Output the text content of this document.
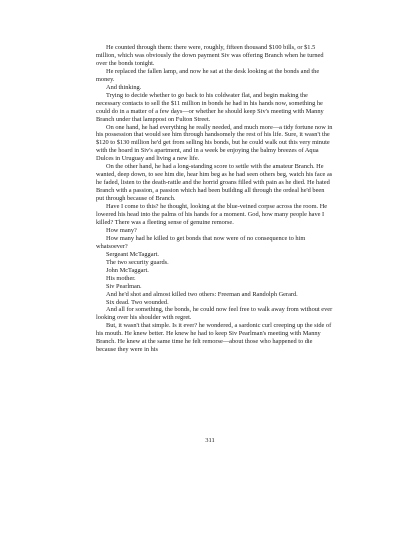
He counted through them: there were, roughly, fifteen thousand $100 bills, or $1.5 million, which was obviously the down payment Siv was offering Branch when he turned over the bonds tonight.

He replaced the fallen lamp, and now he sat at the desk looking at the bonds and the money.

And thinking.

Trying to decide whether to go back to his coldwater flat, and begin making the necessary contacts to sell the $11 million in bonds he had in his hands now, something he could do in a matter of a few days—or whether he should keep Siv's meeting with Manny Branch under that lamppost on Fulton Street.

On one hand, he had everything he really needed, and much more—a tidy fortune now in his possession that would see him through handsomely the rest of his life. Sure, it wasn't the $120 to $130 million he'd get from selling his bonds, but he could walk out this very minute with the hoard in Siv's apartment, and in a week be enjoying the balmy breezes of Aqua Dulces in Uruguay and living a new life.

On the other hand, he had a long-standing score to settle with the amateur Branch. He wanted, deep down, to see him die, hear him beg as he had seen others beg, watch his face as he faded, listen to the death-rattle and the horrid groans filled with pain as he died. He hated Branch with a passion, a passion which had been building all through the ordeal he'd been put through because of Branch.

Have I come to this? he thought, looking at the blue-veined corpse across the room. He lowered his head into the palms of his hands for a moment. God, how many people have I killed? There was a fleeting sense of genuine remorse.

How many?

How many had he killed to get bonds that now were of no consequence to him whatsoever?

Sergeant McTaggart.

The two security guards.

John McTaggart.

His mother.

Siv Pearlman.

And he'd shot and almost killed two others: Freeman and Randolph Gerard.

Six dead. Two wounded.

And all for something, the bonds, he could now feel free to walk away from without ever looking over his shoulder with regret.

But, it wasn't that simple. Is it ever? he wondered, a sardonic curl creeping up the side of his mouth. He knew better. He knew he had to keep Siv Pearlman's meeting with Manny Branch. He knew at the same time he felt remorse—about those who happened to die because they were in his

311
